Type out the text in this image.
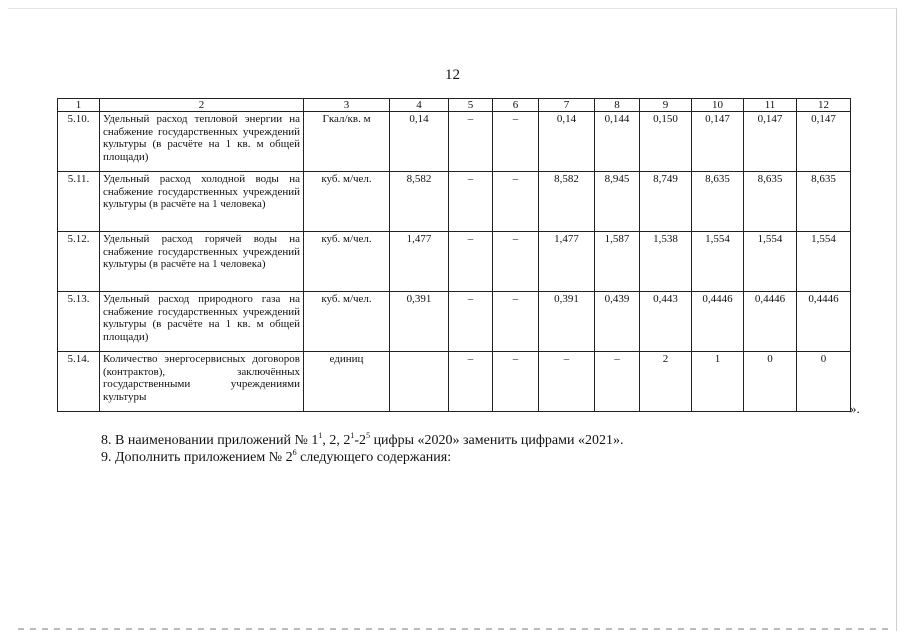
12
1	2	3	4	5	6	7	8	9	10	11	12
5.10.	Удельный расход тепловой энергии на снабжение государственных учреждений культуры (в расчёте на 1 кв. м общей площади)	Гкал/кв. м	0,14	–	–	0,14	0,144	0,150	0,147	0,147	0,147
5.11.	Удельный расход холодной воды на снабжение государственных учреждений культуры (в расчёте на 1 человека)	куб. м/чел.	8,582	–	–	8,582	8,945	8,749	8,635	8,635	8,635
5.12.	Удельный расход горячей воды на снабжение государственных учреждений культуры (в расчёте на 1 человека)	куб. м/чел.	1,477	–	–	1,477	1,587	1,538	1,554	1,554	1,554
5.13.	Удельный расход природного газа на снабжение государственных учреждений культуры (в расчёте на 1 кв. м общей площади)	куб. м/чел.	0,391	–	–	0,391	0,439	0,443	0,4446	0,4446	0,4446
5.14.	Количество энергосервисных договоров (контрактов), заключённых государственными учреждениями культуры	единиц		–	–	–	–	2	1	0	0
».
8. В наименовании приложений № $1^1$, 2, $2^1-2^5$ цифры «2020» заменить цифрами «2021».
9. Дополнить приложением № $2^6$ следующего содержания:
